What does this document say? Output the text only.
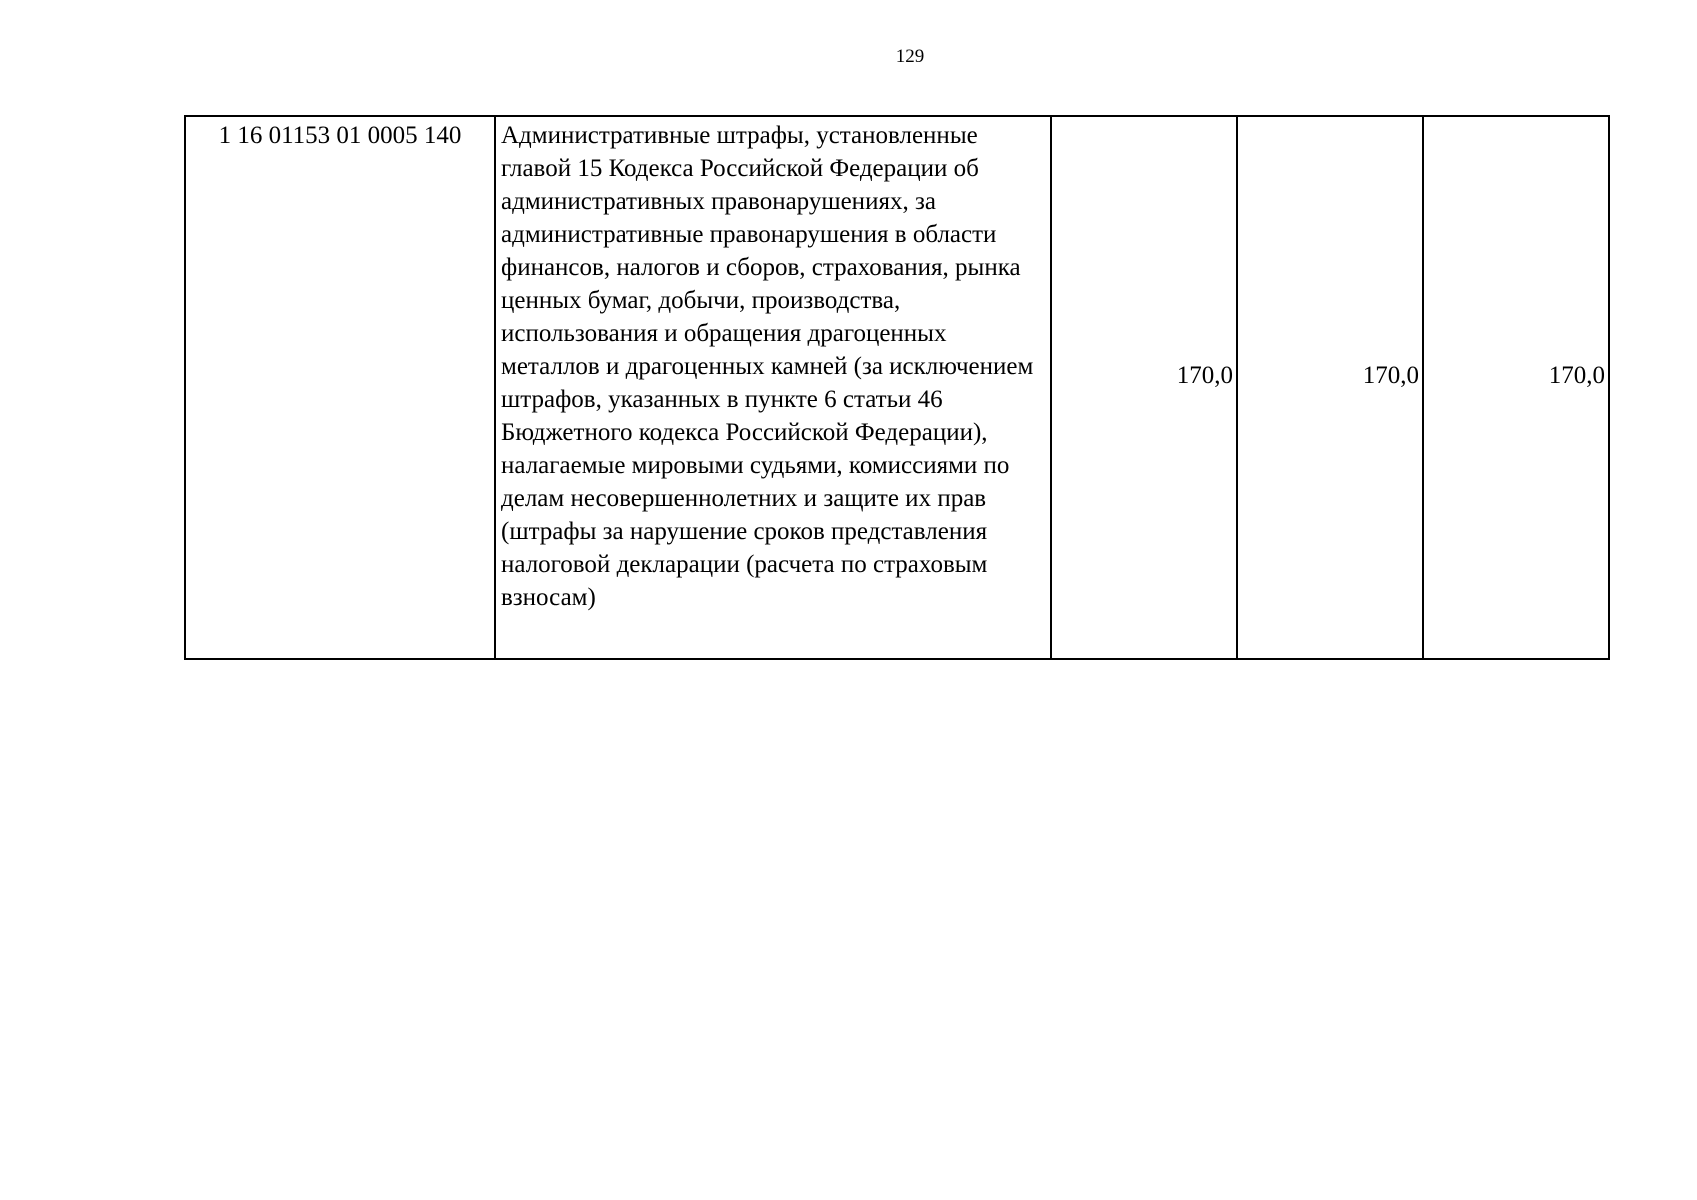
129
1 16 01153 01 0005 140	Административные штрафы, установленные главой 15 Кодекса Российской Федерации об административных правонарушениях, за административные правонарушения в области финансов, налогов и сборов, страхования, рынка ценных бумаг, добычи, производства, использования и обращения драгоценных металлов и драгоценных камней (за исключением штрафов, указанных в пункте 6 статьи 46 Бюджетного кодекса Российской Федерации), налагаемые мировыми судьями, комиссиями по делам несовершеннолетних и защите их прав (штрафы за нарушение сроков представления налоговой декларации (расчета по страховым взносам)	170,0	170,0	170,0
